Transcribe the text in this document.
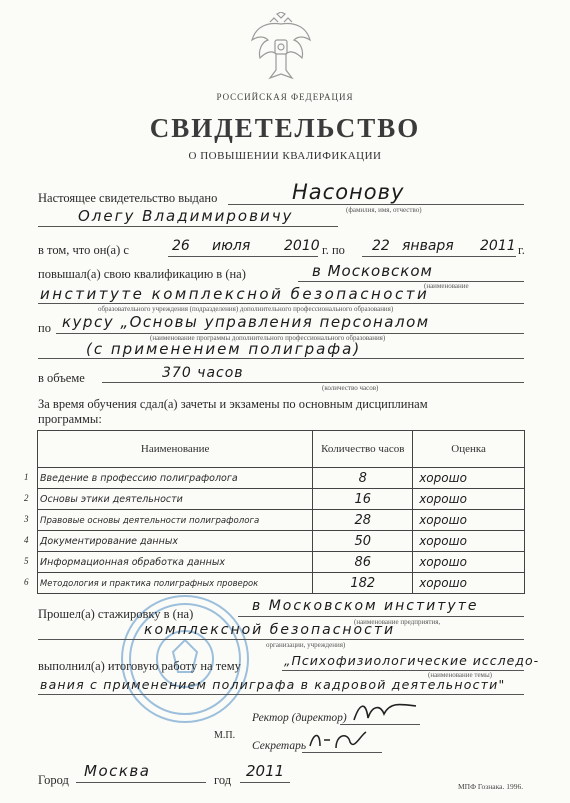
РОССИЙСКАЯ ФЕДЕРАЦИЯ
СВИДЕТЕЛЬСТВО
О ПОВЫШЕНИИ КВАЛИФИКАЦИИ
Настоящее свидетельство выдано	Насонову
(фамилия, имя, отчество)
Олегу Владимировичу
в том, что он(а) с	26 июля 2010 г. по 22 января 2011 г.
повышал(а) свою квалификацию в (на)	в Московском
(наименование
институте комплексной безопасности
образовательного учреждения (подразделения) дополнительного профессионального образования)
по курсу „Основы управления персоналом
(наименование программы дополнительного профессионального образования)
(с применением полиграфа)
в объеме	370 часов
(количество часов)
За время обучения сдал(а) зачеты и экзамены по основным дисциплинам
программы:
Наименование	Количество часов	Оценка

1 Введение в профессию полиграфолога	8	хорошо

2 Основы этики деятельности	16	хорошо

3 Правовые основы деятельности полиграфолога	28	хорошо

4 Документирование данных	50	хорошо

5 Информационная обработка данных	86	хорошо

6 Методология и практика полиграфных проверок	182	хорошо
Прошел(а) стажировку в (на)	в Московском институте
(наименование предприятия,
комплексной безопасности
организации, учреждения)
выполнил(а) итоговую работу на тему	„Психофизиологические исследо-
(наименование темы)
вания с применением полиграфа в кадровой деятельности"
Ректор (директор)
М.П.
Секретарь
Город Москва	год 2011
МПФ Гознака. 1996.
